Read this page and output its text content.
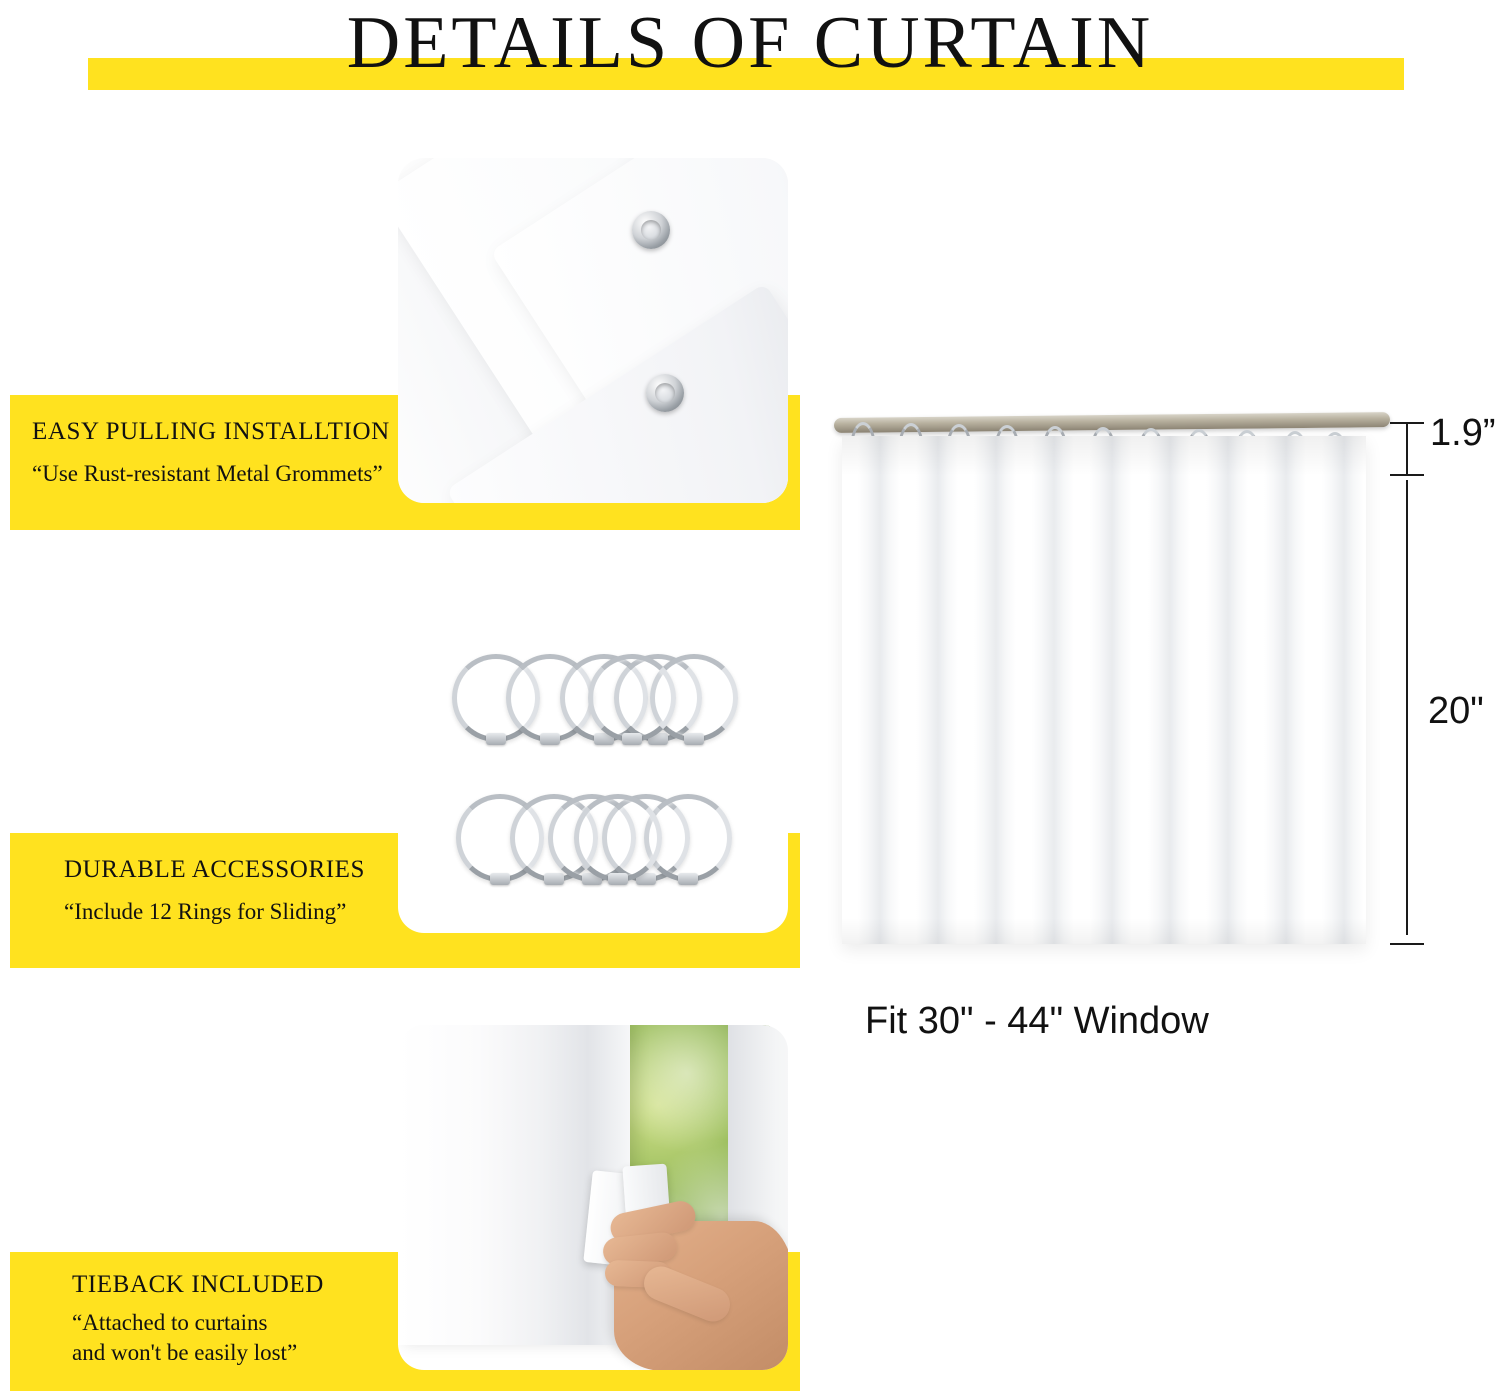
DETAILS OF CURTAIN
EASY PULLING INSTALLTION
“Use Rust-resistant Metal Grommets”
DURABLE ACCESSORIES
“Include 12 Rings for Sliding”
TIEBACK INCLUDED
“Attached to curtains
and won't be easily lost”
1.9”
20"
Fit 30" - 44" Window
